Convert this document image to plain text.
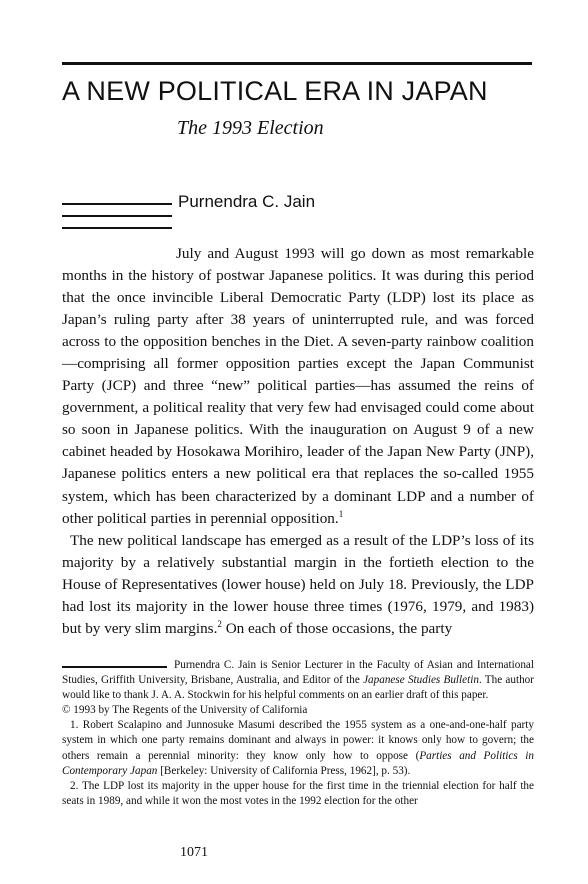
A NEW POLITICAL ERA IN JAPAN
The 1993 Election
Purnendra C. Jain

July and August 1993 will go down as most remarkable months in the history of postwar Japanese politics. It was during this period that the once invincible Liberal Democratic Party (LDP) lost its place as Japan’s ruling party after 38 years of uninterrupted rule, and was forced across to the opposition benches in the Diet. A seven-party rainbow coalition—comprising all former opposition parties except the Japan Communist Party (JCP) and three “new” political parties—has assumed the reins of government, a political reality that very few had envisaged could come about so soon in Japanese politics. With the inauguration on August 9 of a new cabinet headed by Hosokawa Morihiro, leader of the Japan New Party (JNP), Japanese politics enters a new political era that replaces the so-called 1955 system, which has been characterized by a dominant LDP and a number of other political parties in perennial opposition.$^1$

The new political landscape has emerged as a result of the LDP’s loss of its majority by a relatively substantial margin in the fortieth election to the House of Representatives (lower house) held on July 18. Previously, the LDP had lost its majority in the lower house three times (1976, 1979, and 1983) but by very slim margins.$^2$ On each of those occasions, the party

Purnendra C. Jain is Senior Lecturer in the Faculty of Asian and International Studies, Griffith University, Brisbane, Australia, and Editor of the Japanese Studies Bulletin. The author would like to thank J. A. A. Stockwin for his helpful comments on an earlier draft of this paper.

© 1993 by The Regents of the University of California

1. Robert Scalapino and Junnosuke Masumi described the 1955 system as a one-and-one-half party system in which one party remains dominant and always in power: it knows only how to govern; the others remain a perennial minority: they know only how to oppose (Parties and Politics in Contemporary Japan [Berkeley: University of California Press, 1962], p. 53).

2. The LDP lost its majority in the upper house for the first time in the triennial election for half the seats in 1989, and while it won the most votes in the 1992 election for the other

1071
